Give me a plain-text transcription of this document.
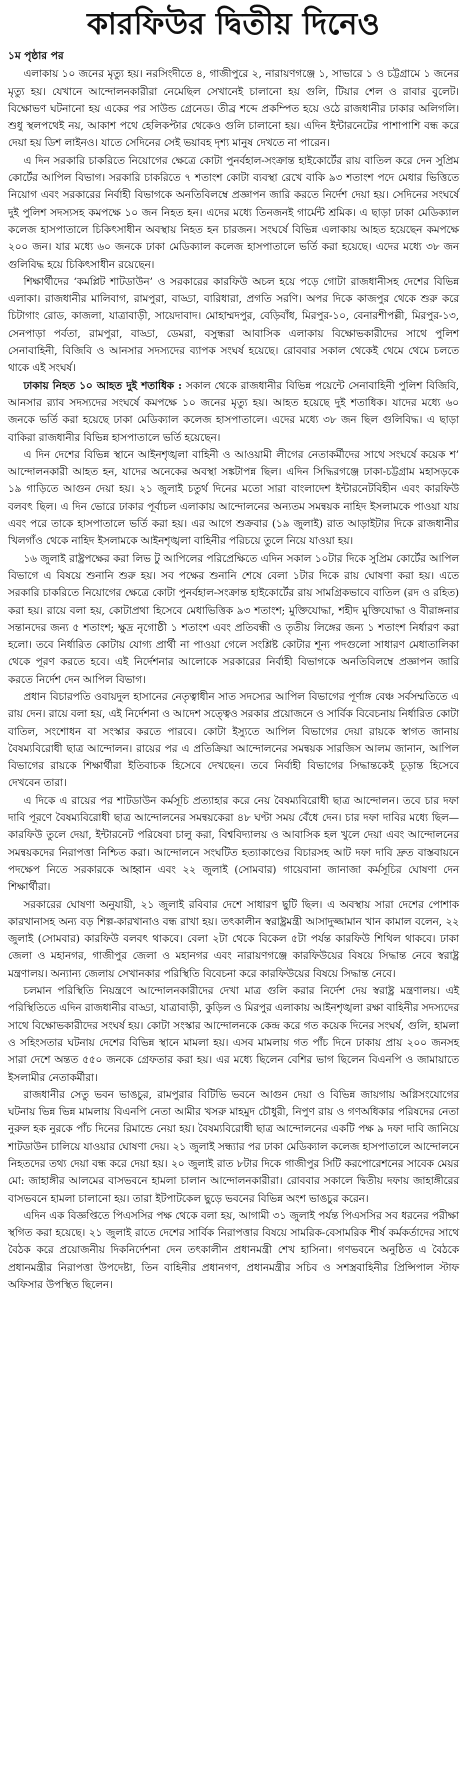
কারফিউর দ্বিতীয় দিনেও
১ম পৃষ্ঠার পর

এলাকায় ১০ জনের মৃত্যু হয়। নরসিংদীতে ৪, গাজীপুরে ২, নারায়ণগঞ্জে ১, সাভারে ১ ও চট্টগ্রামে ১ জনের মৃত্যু হয়। যেখানে আন্দোলনকারীরা নেমেছিল সেখানেই চালানো হয় গুলি, টিয়ার শেল ও রাবার বুলেট। বিক্ষোভণ ঘটনানো হয় একের পর সাউন্ড গ্রেনেড। তীব্র শব্দে প্রকম্পিত হয়ে ওঠে রাজধানীর ঢাকার অলিগলি। শুধু স্থলপথেই নয়, আকাশ পথে হেলিকপ্টার থেকেও গুলি চালানো হয়। এদিন ইন্টারনেটের পাশাপাশি বন্ধ করে দেয়া হয় ডিশ লাইনও। যাতে সেদিনের সেই ভয়াবহ দৃশ্য মানুষ দেখতে না পারেন।

এ দিন সরকারি চাকরিতে নিয়োগের ক্ষেত্রে কোটা পুনর্বহাল-সংক্রান্ত হাইকোর্টের রায় বাতিল করে দেন সুপ্রিম কোর্টের আপিল বিভাগ। সরকারি চাকরিতে ৭ শতাংশ কোটা ব্যবস্থা রেখে বাকি ৯৩ শতাংশ পদে মেধার ভিত্তিতে নিয়োগ এবং সরকারের নির্বাহী বিভাগকে অনতিবিলম্বে প্রজ্ঞাপন জারি করতে নির্দেশ দেয়া হয়। সেদিনের সংঘর্ষে দুই পুলিশ সদস্যসহ কমপক্ষে ১০ জন নিহত হন। এদের মধ্যে তিনজনই গার্মেন্ট শ্রমিক। এ ছাড়া ঢাকা মেডিক্যাল কলেজ হাসপাতালে চিকিৎসাধীন অবস্থায় নিহত হন চারজন। সংঘর্ষে বিভিন্ন এলাকায় আহত হয়েছেন কমপক্ষে ২০০ জন। যার মধ্যে ৬০ জনকে ঢাকা মেডিক্যাল কলেজ হাসপাতালে ভর্তি করা হয়েছে। এদের মধ্যে ৩৮ জন গুলিবিদ্ধ হয়ে চিকিৎসাধীন রয়েছেন।

শিক্ষার্থীদের ‘কমপ্লিট শাটডাউন’ ও সরকারের কারফিউ অচল হয়ে পড়ে গোটা রাজধানীসহ দেশের বিভিন্ন এলাকা। রাজধানীর মালিবাগ, রামপুরা, বাড্ডা, বারিধারা, প্রগতি সরণি। অপর দিকে কাজপুর থেকে শুরু করে চিটাগাং রোড, কাজলা, যাত্রাবাড়ী, সায়েদাবাদ। মোহাম্মদপুর, বেড়িবাঁধ, মিরপুর-১০, বেনারশীপল্লী, মিরপুর-১৩, সেনপাড়া পর্বতা, রামপুরা, বাড্ডা, ডেমরা, বসুন্ধরা আবাসিক এলাকায় বিক্ষোভকারীদের সাথে পুলিশ সেনাবাহিনী, বিজিবি ও আনসার সদস্যদের ব্যাপক সংঘর্ষ হয়েছে। রোববার সকাল থেকেই থেমে থেমে চলতে থাকে এই সংঘর্ষ।

ঢাকায় নিহত ১০ আহত দুই শতাধিক : সকাল থেকে রাজধানীর বিভিন্ন পয়েন্টে সেনাবাহিনী পুলিশ বিজিবি, আনসার র‌্যাব সদস্যদের সংঘর্ষে কমপক্ষে ১০ জনের মৃত্যু হয়। আহত হয়েছে দুই শতাধিক। যাদের মধ্যে ৬০ জনকে ভর্তি করা হয়েছে ঢাকা মেডিক্যাল কলেজ হাসপাতালে। এদের মধ্যে ৩৮ জন ছিল গুলিবিদ্ধ। এ ছাড়া বাকিরা রাজধানীর বিভিন্ন হাসপাতালে ভর্তি হয়েছেন।

এ দিন দেশের বিভিন্ন স্থানে আইনশৃঙ্খলা বাহিনী ও আওয়ামী লীগের নেতাকর্মীদের সাথে সংঘর্ষে কয়েক শ’ আন্দোলনকারী আহত হন, যাদের অনেকের অবস্থা সঙ্কটাপন্ন ছিল। এদিন সিদ্ধিরগঞ্জে ঢাকা-চট্টগ্রাম মহাসড়কে ১৯ গাড়িতে আগুন দেয়া হয়। ২১ জুলাই চতুর্থ দিনের মতো সারা বাংলাদেশ ইন্টারনেটবিহীন এবং কারফিউ বলবৎ ছিল। এ দিন ভোরে ঢাকার পূর্বাচল এলাকায় আন্দোলনের অন্যতম সমন্বয়ক নাহিদ ইসলামকে পাওয়া যায় এবং পরে তাকে হাসপাতালে ভর্তি করা হয়। এর আগে শুক্রবার (১৯ জুলাই) রাত আড়াইটার দিকে রাজধানীর খিলগাঁও থেকে নাহিদ ইসলামকে আইনশৃঙ্খলা বাহিনীর পরিচয়ে তুলে নিয়ে যাওয়া হয়।

১৬ জুলাই রাষ্ট্রপক্ষের করা লিভ টু আপিলের পরিপ্রেক্ষিতে এদিন সকাল ১০টার দিকে সুপ্রিম কোর্টের আপিল বিভাগে এ বিষয়ে শুনানি শুরু হয়। সব পক্ষের শুনানি শেষে বেলা ১টার দিকে রায় ঘোষণা করা হয়। এতে সরকারি চাকরিতে নিয়োগের ক্ষেত্রে কোটা পুনর্বহাল-সংক্রান্ত হাইকোর্টের রায় সামগ্রিকভাবে বাতিল (রদ ও রহিত) করা হয়। রায়ে বলা হয়, কোটাপ্রথা হিসেবে মেধাভিত্তিক ৯৩ শতাংশ; মুক্তিযোদ্ধা, শহীদ মুক্তিযোদ্ধা ও বীরাঙ্গনার সন্তানদের জন্য ৫ শতাংশ; ক্ষুদ্র নৃগোষ্ঠী ১ শতাংশ এবং প্রতিবন্ধী ও তৃতীয় লিঙ্গের জন্য ১ শতাংশ নির্ধারণ করা হলো। তবে নির্ধারিত কোটায় যোগ্য প্রার্থী না পাওয়া গেলে সংশ্লিষ্ট কোটার শূন্য পদগুলো সাধারণ মেধাতালিকা থেকে পূরণ করতে হবে। এই নির্দেশনার আলোকে সরকারের নির্বাহী বিভাগকে অনতিবিলম্বে প্রজ্ঞাপন জারি করতে নির্দেশ দেন আপিল বিভাগ।

প্রধান বিচারপতি ওবায়দুল হাসানের নেতৃত্বাধীন সাত সদস্যের আপিল বিভাগের পূর্ণাঙ্গ বেঞ্চ সর্বসম্মতিতে এ রায় দেন। রায়ে বলা হয়, এই নির্দেশনা ও আদেশ সত্ত্বেও সরকার প্রয়োজনে ও সার্বিক বিবেচনায় নির্ধারিত কোটা বাতিল, সংশোধন বা সংস্কার করতে পারবে। কোটা ইস্যুতে আপিল বিভাগের দেয়া রায়কে স্বাগত জানায় বৈষম্যবিরোধী ছাত্র আন্দোলন। রায়ের পর এ প্রতিক্রিয়া আন্দোলনের সমন্বয়ক সারজিস আলম জানান, আপিল বিভাগের রায়কে শিক্ষার্থীরা ইতিবাচক হিসেবে দেখছেন। তবে নির্বাহী বিভাগের সিদ্ধান্তকেই চূড়ান্ত হিসেবে দেখবেন তারা।

এ দিকে এ রায়ের পর শাটডাউন কর্মসূচি প্রত্যাহার করে নেয় বৈষম্যবিরোধী ছাত্র আন্দোলন। তবে চার দফা দাবি পূরণে বৈষম্যবিরোধী ছাত্র আন্দোলনের সমন্বয়কেরা ৪৮ ঘণ্টা সময় বেঁধে দেন। চার দফা দাবির মধ্যে ছিল— কারফিউ তুলে দেয়া, ইন্টারনেট পরিষেবা চালু করা, বিশ্ববিদ্যালয় ও আবাসিক হল খুলে দেয়া এবং আন্দোলনের সমন্বয়কদের নিরাপত্তা নিশ্চিত করা। আন্দোলনে সংঘটিত হত্যাকাণ্ডের বিচারসহ আট দফা দাবি দ্রুত বাস্তবায়নে পদক্ষেপ নিতে সরকারকে আহ্বান এবং ২২ জুলাই (সোমবার) গায়েবানা জানাজা কর্মসূচির ঘোষণা দেন শিক্ষার্থীরা।

সরকারের ঘোষণা অনুযায়ী, ২১ জুলাই রবিবার দেশে সাধারণ ছুটি ছিল। এ অবস্থায় সারা দেশের পোশাক কারখানাসহ অন্য বড় শিল্প-কারখানাও বন্ধ রাখা হয়। তৎকালীন স্বরাষ্ট্রমন্ত্রী আসাদুজ্জামান খান কামাল বলেন, ২২ জুলাই (সোমবার) কারফিউ বলবৎ থাকবে। বেলা ২টা থেকে বিকেল ৫টা পর্যন্ত কারফিউ শিথিল থাকবে। ঢাকা জেলা ও মহানগর, গাজীপুর জেলা ও মহানগর এবং নারায়ণগঞ্জে কারফিউয়ের বিষয়ে সিদ্ধান্ত নেবে স্বরাষ্ট্র মন্ত্রণালয়। অন্যান্য জেলায় সেখানকার পরিস্থিতি বিবেচনা করে কারফিউয়ের বিষয়ে সিদ্ধান্ত নেবে।

চলমান পরিস্থিতি নিয়ন্ত্রণে আন্দোলনকারীদের দেখা মাত্র গুলি করার নির্দেশ দেয় স্বরাষ্ট্র মন্ত্রণালয়। এই পরিস্থিতিতে এদিন রাজধানীর বাড্ডা, যাত্রাবাড়ী, কুড়িল ও মিরপুর এলাকায় আইনশৃঙ্খলা রক্ষা বাহিনীর সদস্যদের সাথে বিক্ষোভকারীদের সংঘর্ষ হয়। কোটা সংস্কার আন্দোলনকে কেন্দ্র করে গত কয়েক দিনের সংঘর্ষ, গুলি, হামলা ও সহিংসতার ঘটনায় দেশের বিভিন্ন স্থানে মামলা হয়। এসব মামলায় গত পাঁচ দিনে ঢাকায় প্রায় ২০০ জনসহ সারা দেশে অন্তত ৫৫০ জনকে গ্রেফতার করা হয়। এর মধ্যে ছিলেন বেশির ভাগ ছিলেন বিএনপি ও জামায়াতে ইসলামীর নেতাকর্মীরা।

রাজধানীর সেতু ভবন ভাঙচুর, রামপুরার বিটিভি ভবনে আগুন দেয়া ও বিভিন্ন জায়গায় অগ্নিসংযোগের ঘটনায় ভিন্ন ভিন্ন মামলায় বিএনপি নেতা আমীর খসরু মাহমুদ চৌধুরী, নিপুণ রায় ও গণঅধিকার পরিষদের নেতা নুরুল হক নুরকে পাঁচ দিনের রিমান্ডে নেয়া হয়। বৈষম্যবিরোধী ছাত্র আন্দোলনের একটি পক্ষ ৯ দফা দাবি জানিয়ে শাটডাউন চালিয়ে যাওয়ার ঘোষণা দেয়। ২১ জুলাই সন্ধ্যার পর ঢাকা মেডিক্যাল কলেজ হাসপাতালে আন্দোলনে নিহতদের তথ্য দেয়া বন্ধ করে দেয়া হয়। ২০ জুলাই রাত ৮টার দিকে গাজীপুর সিটি করপোরেশনের সাবেক মেয়র মো: জাহাঙ্গীর আলমের বাসভবনে হামলা চালান আন্দোলনকারীরা। রোববার সকালে দ্বিতীয় দফায় জাহাঙ্গীরের বাসভবনে হামলা চালানো হয়। তারা ইটপাটকেল ছুড়ে ভবনের বিভিন্ন অংশ ভাঙচুর করেন।

এদিন এক বিজ্ঞপ্তিতে পিএসসির পক্ষ থেকে বলা হয়, আগামী ৩১ জুলাই পর্যন্ত পিএসসির সব ধরনের পরীক্ষা স্থগিত করা হয়েছে। ২১ জুলাই রাতে দেশের সার্বিক নিরাপত্তার বিষয়ে সামরিক-বেসামরিক শীর্ষ কর্মকর্তাদের সাথে বৈঠক করে প্রয়োজনীয় দিকনির্দেশনা দেন তৎকালীন প্রধানমন্ত্রী শেখ হাসিনা। গণভবনে অনুষ্ঠিত এ বৈঠকে প্রধানমন্ত্রীর নিরাপত্তা উপদেষ্টা, তিন বাহিনীর প্রধানগণ, প্রধানমন্ত্রীর সচিব ও সশস্ত্রবাহিনীর প্রিন্সিপাল স্টাফ অফিসার উপস্থিত ছিলেন।
